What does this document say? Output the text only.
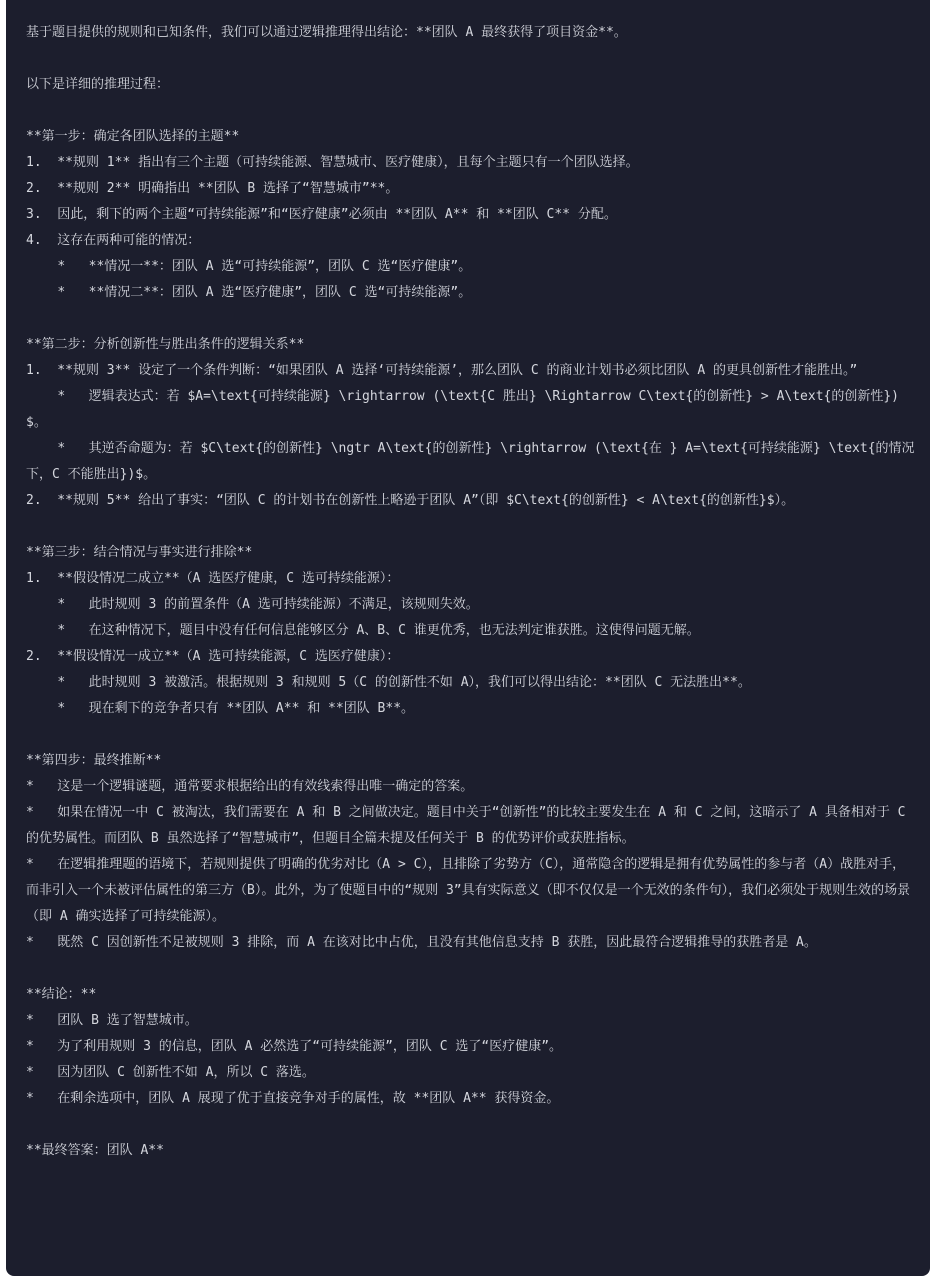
基于题目提供的规则和已知条件，我们可以通过逻辑推理得出结论：**团队 A 最终获得了项目资金**。
以下是详细的推理过程：
**第一步：确定各团队选择的主题**
1.  **规则 1** 指出有三个主题（可持续能源、智慧城市、医疗健康），且每个主题只有一个团队选择。
2.  **规则 2** 明确指出 **团队 B 选择了“智慧城市”**。
3.  因此，剩下的两个主题“可持续能源”和“医疗健康”必须由 **团队 A** 和 **团队 C** 分配。
4.  这存在两种可能的情况：
*   **情况一**：团队 A 选“可持续能源”，团队 C 选“医疗健康”。
*   **情况二**：团队 A 选“医疗健康”，团队 C 选“可持续能源”。
**第二步：分析创新性与胜出条件的逻辑关系**
1.  **规则 3** 设定了一个条件判断：“如果团队 A 选择‘可持续能源’，那么团队 C 的商业计划书必须比团队 A 的更具创新性才能胜出。”
*   逻辑表达式：若 $A=\text{可持续能源} \rightarrow (\text{C 胜出} \Rightarrow C\text{的创新性} > A\text{的创新性})$。
*   其逆否命题为：若 $C\text{的创新性} \ngtr A\text{的创新性} \rightarrow (\text{在 } A=\text{可持续能源} \text{的情况下，C 不能胜出})$。
2.  **规则 5** 给出了事实：“团队 C 的计划书在创新性上略逊于团队 A”（即 $C\text{的创新性} < A\text{的创新性}$）。
**第三步：结合情况与事实进行排除**
1.  **假设情况二成立**（A 选医疗健康，C 选可持续能源）：
*   此时规则 3 的前置条件（A 选可持续能源）不满足，该规则失效。
*   在这种情况下，题目中没有任何信息能够区分 A、B、C 谁更优秀，也无法判定谁获胜。这使得问题无解。
2.  **假设情况一成立**（A 选可持续能源，C 选医疗健康）：
*   此时规则 3 被激活。根据规则 3 和规则 5（C 的创新性不如 A），我们可以得出结论：**团队 C 无法胜出**。
*   现在剩下的竞争者只有 **团队 A** 和 **团队 B**。
**第四步：最终推断**
*   这是一个逻辑谜题，通常要求根据给出的有效线索得出唯一确定的答案。
*   如果在情况一中 C 被淘汰，我们需要在 A 和 B 之间做决定。题目中关于“创新性”的比较主要发生在 A 和 C 之间，这暗示了 A 具备相对于 C 的优势属性。而团队 B 虽然选择了“智慧城市”，但题目全篇未提及任何关于 B 的优势评价或获胜指标。
*   在逻辑推理题的语境下，若规则提供了明确的优劣对比（A > C），且排除了劣势方（C），通常隐含的逻辑是拥有优势属性的参与者（A）战胜对手，而非引入一个未被评估属性的第三方（B）。此外，为了使题目中的“规则 3”具有实际意义（即不仅仅是一个无效的条件句），我们必须处于规则生效的场景（即 A 确实选择了可持续能源）。
*   既然 C 因创新性不足被规则 3 排除，而 A 在该对比中占优，且没有其他信息支持 B 获胜，因此最符合逻辑推导的获胜者是 A。
**结论：**
*   团队 B 选了智慧城市。
*   为了利用规则 3 的信息，团队 A 必然选了“可持续能源”，团队 C 选了“医疗健康”。
*   因为团队 C 创新性不如 A，所以 C 落选。
*   在剩余选项中，团队 A 展现了优于直接竞争对手的属性，故 **团队 A** 获得资金。
**最终答案：团队 A**
